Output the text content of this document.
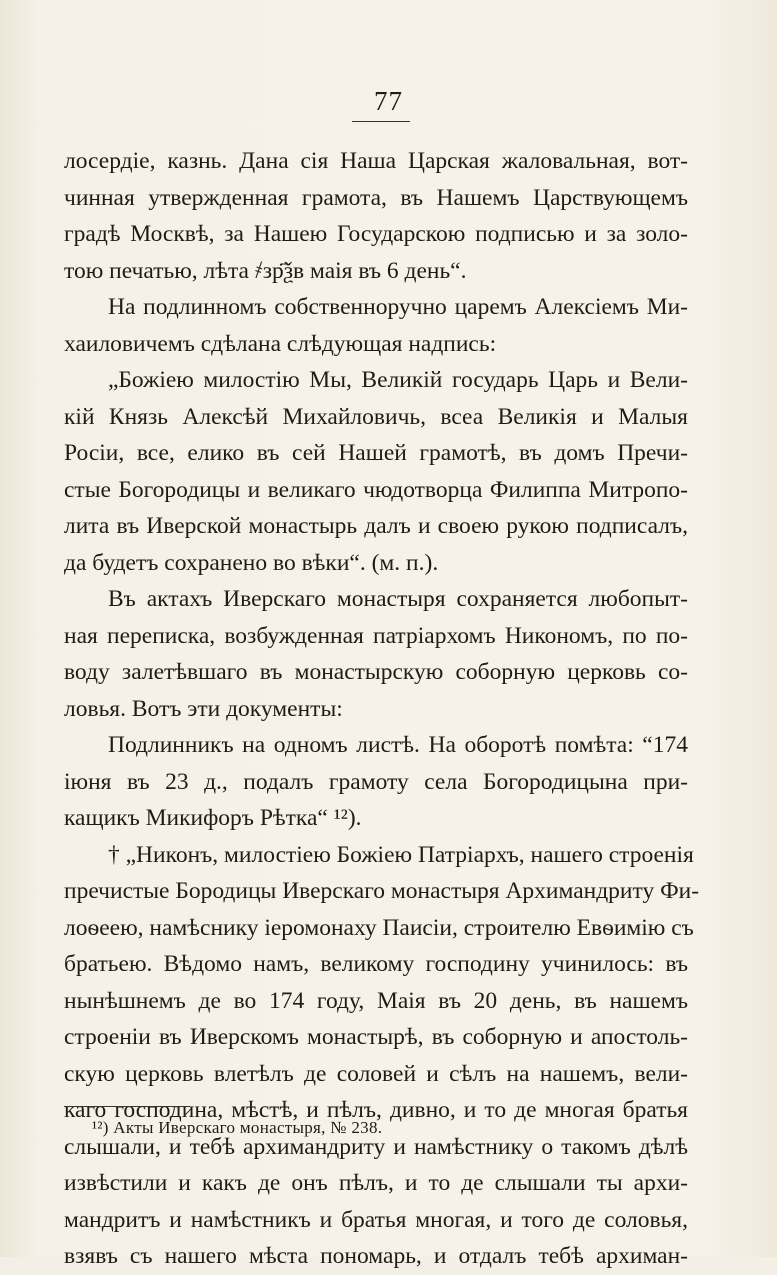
77
лосердіе, казнь. Дана сія Наша Царская жаловальная, вот-
чинная утвержденная грамота, въ Нашемъ Царствующемъ
градѣ Москвѣ, за Нашею Государскою подписью и за золо-
тою печатью, лѣта ҂зр҃ѯв маія въ 6 день“.
На подлинномъ собственноручно царемъ Алексіемъ Ми-
хаиловичемъ сдѣлана слѣдующая надпись:
„Божіею милостію Мы, Великій государь Царь и Вели-
кій Князь Алексѣй Михайловичь, всеа Великія и Малыя
Росіи, все, елико въ сей Нашей грамотѣ, въ домъ Пречи-
стые Богородицы и великаго чюдотворца Филиппа Митропо-
лита въ Иверской монастырь далъ и своею рукою подписалъ,
да будетъ сохранено во вѣки“. (м. п.).
Въ актахъ Иверскаго монастыря сохраняется любопыт-
ная переписка, возбужденная патріархомъ Никономъ, по по-
воду залетѣвшаго въ монастырскую соборную церковь со-
ловья. Вотъ эти документы:
Подлинникъ на одномъ листѣ. На оборотѣ помѣта: “174
іюня въ 23 д., подалъ грамоту села Богородицына при-
кащикъ Микифоръ Рѣтка“ ¹²).
† „Никонъ, милостіею Божіею Патріархъ, нашего строенія
пречистые Бородицы Иверскаго монастыря Архимандриту Фи-
лоѳеею, намѣснику іеромонаху Паисіи, строителю Евѳимію съ
братьею. Вѣдомо намъ, великому господину учинилось: въ
нынѣшнемъ де во 174 году, Маія въ 20 день, въ нашемъ
строеніи въ Иверскомъ монастырѣ, въ соборную и апостоль-
скую церковь влетѣлъ де соловей и сѣлъ на нашемъ, вели-
каго господина, мѣстѣ, и пѣлъ, дивно, и то де многая братья
слышали, и тебѣ архимандриту и намѣстнику о такомъ дѣлѣ
извѣстили и какъ де онъ пѣлъ, и то де слышали ты архи-
мандритъ и намѣстникъ и братья многая, и того де соловья,
взявъ съ нашего мѣста пономарь, и отдалъ тебѣ архиман-
¹²) Акты Иверскаго монастыря, № 238.
